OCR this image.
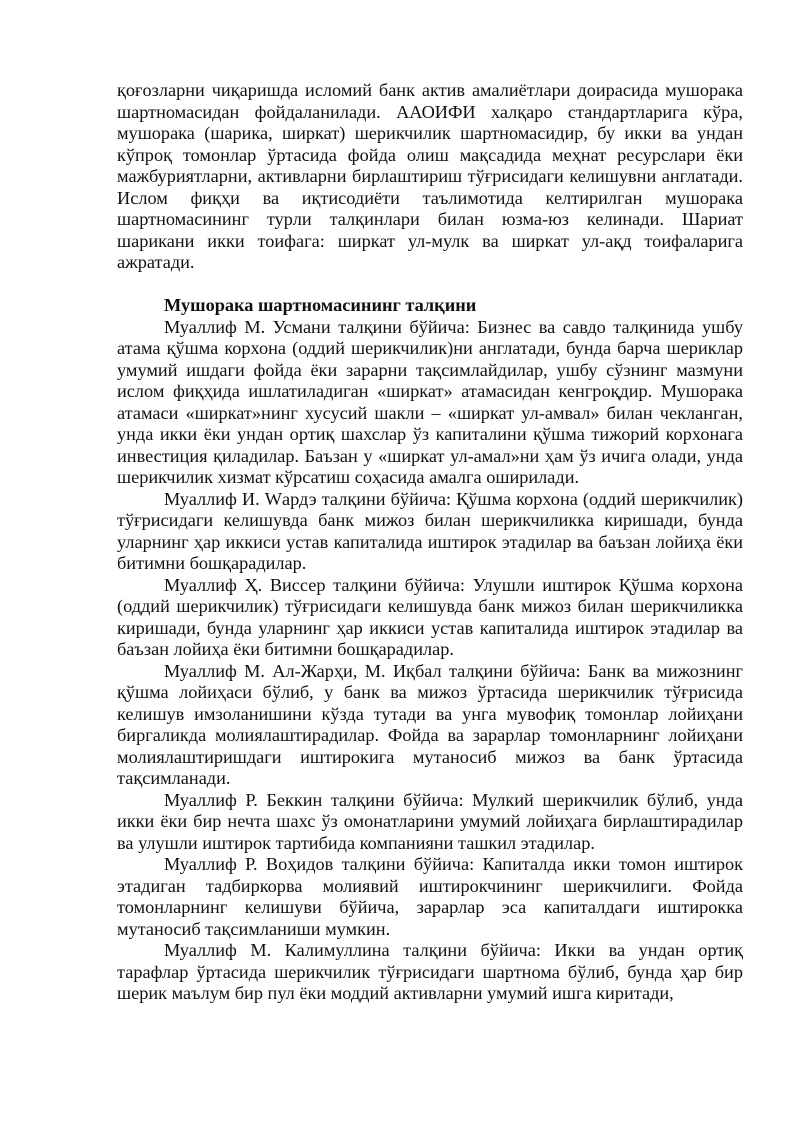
қоғозларни чиқаришда исломий банк актив амалиётлари доирасида мушорака шартномасидан фойдаланилади. ААОИФИ халқаро стандартларига кўра, мушорака (шарика, ширкат) шерикчилик шартномасидир, бу икки ва ундан кўпроқ томонлар ўртасида фойда олиш мақсадида меҳнат ресурслари ёки мажбуриятларни, активларни бирлаштириш тўғрисидаги келишувни англатади. Ислом фиқҳи ва иқтисодиёти таълимотида келтирилган мушорака шартномасининг турли талқинлари билан юзма-юз келинади. Шариат шарикани икки тоифага: ширкат ул-мулк ва ширкат ул-ақд тоифаларига ажратади.

Мушорака шартномасининг талқини

Муаллиф М. Усмани талқини бўйича: Бизнес ва савдо талқинида ушбу атама қўшма корхона (оддий шерикчилик)ни англатади, бунда барча шериклар умумий ишдаги фойда ёки зарарни тақсимлайдилар, ушбу сўзнинг мазмуни ислом фиқҳида ишлатиладиган «ширкат» атамасидан кенгроқдир. Мушорака атамаси «ширкат»нинг хусусий шакли – «ширкат ул-амвал» билан чекланган, унда икки ёки ундан ортиқ шахслар ўз капиталини қўшма тижорий корхонага инвестиция қиладилар. Баъзан у «ширкат ул-амал»ни ҳам ўз ичига олади, унда шерикчилик хизмат кўрсатиш соҳасида амалга оширилади.

Муаллиф И. Wардэ талқини бўйича: Қўшма корхона (оддий шерикчилик) тўғрисидаги келишувда банк мижоз билан шерикчиликка киришади, бунда уларнинг ҳар иккиси устав капиталида иштирок этадилар ва баъзан лойиҳа ёки битимни бошқарадилар.

Муаллиф Ҳ. Виссер талқини бўйича: Улушли иштирок Қўшма корхона (оддий шерикчилик) тўғрисидаги келишувда банк мижоз билан шерикчиликка киришади, бунда уларнинг ҳар иккиси устав капиталида иштирок этадилар ва баъзан лойиҳа ёки битимни бошқарадилар.

Муаллиф М. Ал-Жарҳи, М. Иқбал талқини бўйича: Банк ва мижознинг қўшма лойиҳаси бўлиб, у банк ва мижоз ўртасида шерикчилик тўғрисида келишув имзоланишини кўзда тутади ва унга мувофиқ томонлар лойиҳани биргаликда молиялаштирадилар. Фойда ва зарарлар томонларнинг лойиҳани молиялаштиришдаги иштирокига мутаносиб мижоз ва банк ўртасида тақсимланади.

Муаллиф Р. Беккин талқини бўйича: Мулкий шерикчилик бўлиб, унда икки ёки бир нечта шахс ўз омонатларини умумий лойиҳага бирлаштирадилар ва улушли иштирок тартибида компанияни ташкил этадилар.

Муаллиф Р. Воҳидов талқини бўйича: Капиталда икки томон иштирок этадиган тадбиркорва молиявий иштирокчининг шерикчилиги. Фойда томонларнинг келишуви бўйича, зарарлар эса капиталдаги иштирокка мутаносиб тақсимланиши мумкин.

Муаллиф М. Калимуллина талқини бўйича: Икки ва ундан ортиқ тарафлар ўртасида шерикчилик тўғрисидаги шартнома бўлиб, бунда ҳар бир шерик маълум бир пул ёки моддий активларни умумий ишга киритади,
